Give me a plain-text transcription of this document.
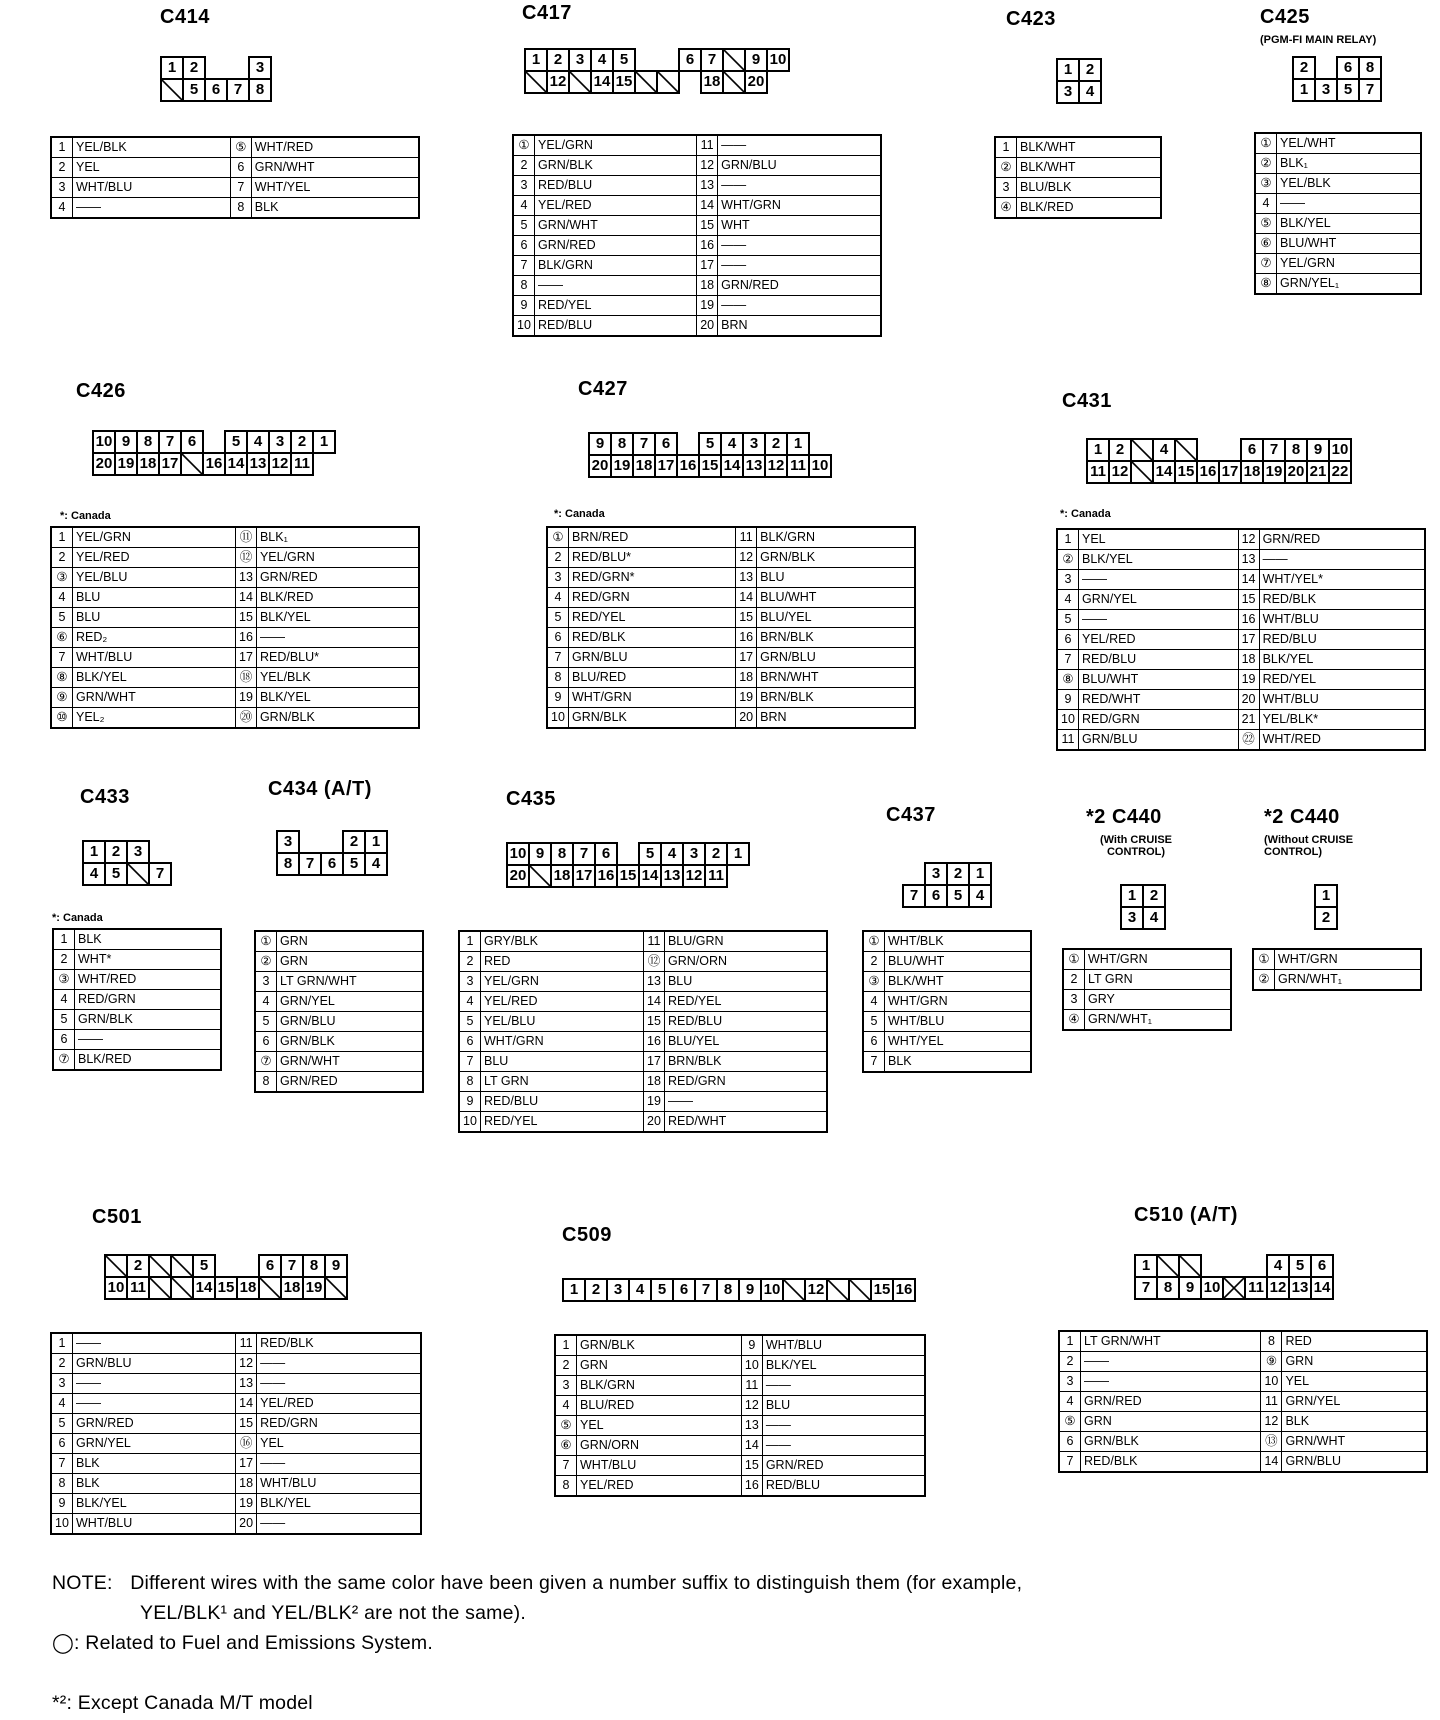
C414
1	2			3
	5	6	7	8
1	YEL/BLK	⑤	WHT/RED
2	YEL	6	GRN/WHT
3	WHT/BLU	7	WHT/YEL
4	——	8	BLK
C417
1	2	3	4	5			6	7		9	10
	12		14	15				18		20	
①	YEL/GRN	11	——
2	GRN/BLK	12	GRN/BLU
3	RED/BLU	13	——
4	YEL/RED	14	WHT/GRN
5	GRN/WHT	15	WHT
6	GRN/RED	16	——
7	BLK/GRN	17	——
8	——	18	GRN/RED
9	RED/YEL	19	——
10	RED/BLU	20	BRN
C423
1	2
3	4
1	BLK/WHT
②	BLK/WHT
3	BLU/BLK
④	BLK/RED
C425
(PGM-FI MAIN RELAY)
2		6	8
1	3	5	7
①	YEL/WHT
②	BLK₁
③	YEL/BLK
4	——
⑤	BLK/YEL
⑥	BLU/WHT
⑦	YEL/GRN
⑧	GRN/YEL₁
C426
10	9	8	7	6		5	4	3	2	1
20	19	18	17		16	14	13	12	11	
*: Canada
1	YEL/GRN	⑪	BLK₁
2	YEL/RED	⑫	YEL/GRN
③	YEL/BLU	13	GRN/RED
4	BLU	14	BLK/RED
5	BLU	15	BLK/YEL
⑥	RED₂	16	——
7	WHT/BLU	17	RED/BLU*
⑧	BLK/YEL	⑱	YEL/BLK
⑨	GRN/WHT	19	BLK/YEL
⑩	YEL₂	⑳	GRN/BLK
C427
9	8	7	6		5	4	3	2	1	
20	19	18	17	16	15	14	13	12	11	10
*: Canada
①	BRN/RED	11	BLK/GRN
2	RED/BLU*	12	GRN/BLK
3	RED/GRN*	13	BLU
4	RED/GRN	14	BLU/WHT
5	RED/YEL	15	BLU/YEL
6	RED/BLK	16	BRN/BLK
7	GRN/BLU	17	GRN/BLU
8	BLU/RED	18	BRN/WHT
9	WHT/GRN	19	BRN/BLK
10	GRN/BLK	20	BRN
C431
1	2		4				6	7	8	9	10
11	12		14	15	16	17	18	19	20	21	22
*: Canada
1	YEL	12	GRN/RED
②	BLK/YEL	13	——
3	——	14	WHT/YEL*
4	GRN/YEL	15	RED/BLK
5	——	16	WHT/BLU
6	YEL/RED	17	RED/BLU
7	RED/BLU	18	BLK/YEL
⑧	BLU/WHT	19	RED/YEL
9	RED/WHT	20	WHT/BLU
10	RED/GRN	21	YEL/BLK*
11	GRN/BLU	㉒	WHT/RED
C433
1	2	3	
4	5		7
*: Canada
1	BLK
2	WHT*
③	WHT/RED
4	RED/GRN
5	GRN/BLK
6	——
⑦	BLK/RED
C434 (A/T)
3			2	1
8	7	6	5	4
①	GRN
②	GRN
3	LT GRN/WHT
4	GRN/YEL
5	GRN/BLU
6	GRN/BLK
⑦	GRN/WHT
8	GRN/RED
C435
10	9	8	7	6		5	4	3	2	1
20		18	17	16	15	14	13	12	11	
1	GRY/BLK	11	BLU/GRN
2	RED	⑫	GRN/ORN
3	YEL/GRN	13	BLU
4	YEL/RED	14	RED/YEL
5	YEL/BLU	15	RED/BLU
6	WHT/GRN	16	BLU/YEL
7	BLU	17	BRN/BLK
8	LT GRN	18	RED/GRN
9	RED/BLU	19	——
10	RED/YEL	20	RED/WHT
C437
	3	2	1
7	6	5	4
①	WHT/BLK
2	BLU/WHT
③	BLK/WHT
4	WHT/GRN
5	WHT/BLU
6	WHT/YEL
7	BLK
*2 C440
(With CRUISE CONTROL)
1	2
3	4
①	WHT/GRN
2	LT GRN
3	GRY
④	GRN/WHT₁
*2 C440
(Without CRUISE CONTROL)
1
2
①	WHT/GRN
②	GRN/WHT₁
C501
	2			5			6	7	8	9
10	11			14	15	18		18	19	
1	——	11	RED/BLK
2	GRN/BLU	12	——
3	——	13	——
4	——	14	YEL/RED
5	GRN/RED	15	RED/GRN
6	GRN/YEL	⑯	YEL
7	BLK	17	——
8	BLK	18	WHT/BLU
9	BLK/YEL	19	BLK/YEL
10	WHT/BLU	20	——
C509
1	2	3	4	5	6	7	8	9	10		12			15	16
1	GRN/BLK	9	WHT/BLU
2	GRN	10	BLK/YEL
3	BLK/GRN	11	——
4	BLU/RED	12	BLU
⑤	YEL	13	——
⑥	GRN/ORN	14	——
7	WHT/BLU	15	GRN/RED
8	YEL/RED	16	RED/BLU
C510 (A/T)
1						4	5	6
7	8	9	10		11	12	13	14
1	LT GRN/WHT	8	RED
2	——	⑨	GRN
3	——	10	YEL
4	GRN/RED	11	GRN/YEL
⑤	GRN	12	BLK
6	GRN/BLK	⑬	GRN/WHT
7	RED/BLK	14	GRN/BLU
NOTE: Different wires with the same color have been given a number suffix to distinguish them (for example,
YEL/BLK¹ and YEL/BLK² are not the same).
◯: Related to Fuel and Emissions System.
*²: Except Canada M/T model
